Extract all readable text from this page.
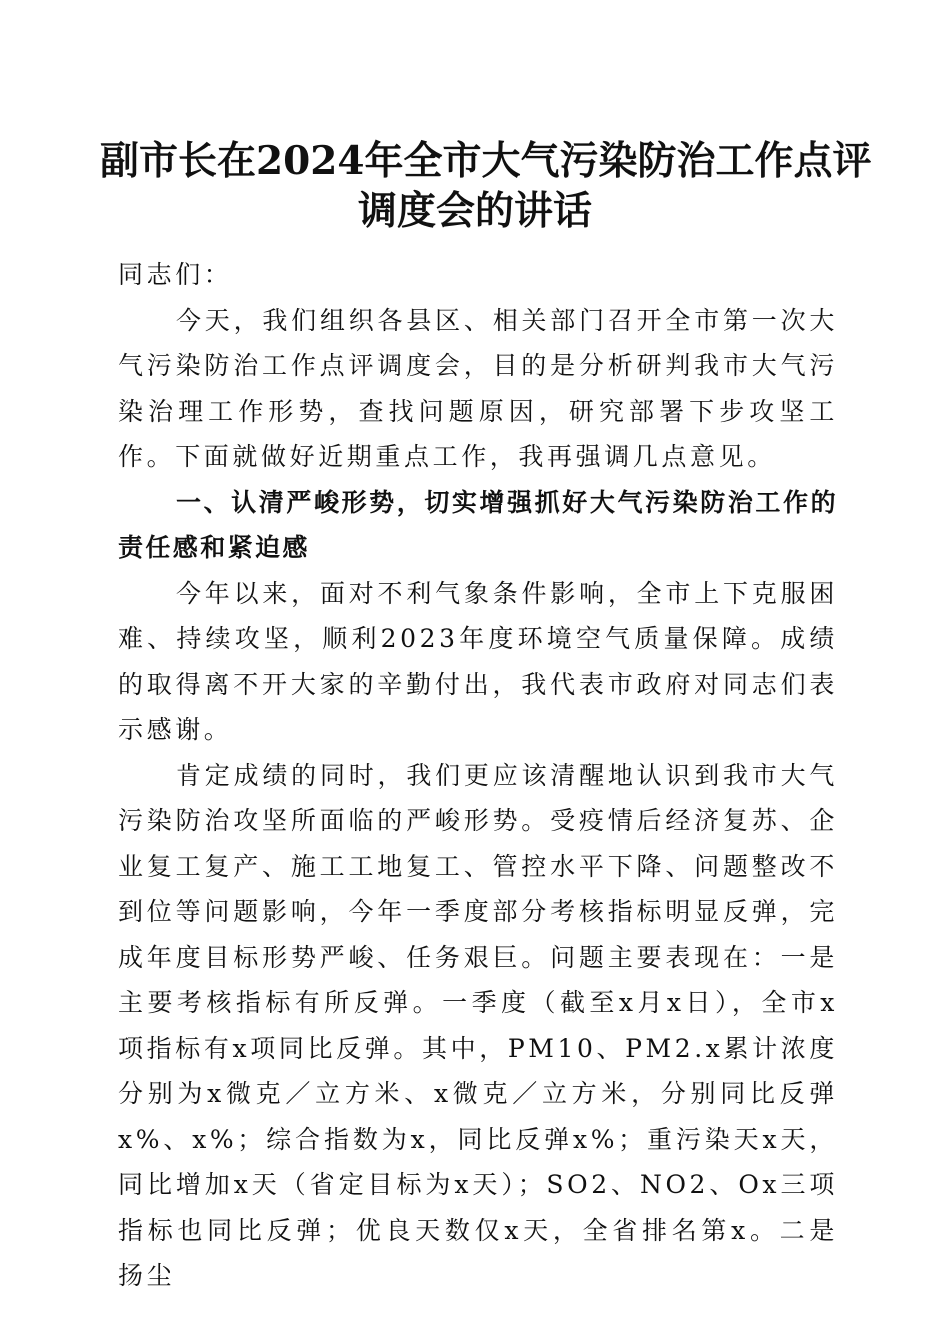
副市长在2024年全市大气污染防治工作点评
调度会的讲话

同志们：

今天，我们组织各县区、相关部门召开全市第一次大气污染防治工作点评调度会，目的是分析研判我市大气污染治理工作形势，查找问题原因，研究部署下步攻坚工作。下面就做好近期重点工作，我再强调几点意见。

一、认清严峻形势，切实增强抓好大气污染防治工作的责任感和紧迫感

今年以来，面对不利气象条件影响，全市上下克服困难、持续攻坚，顺利2023年度环境空气质量保障。成绩的取得离不开大家的辛勤付出，我代表市政府对同志们表示感谢。

肯定成绩的同时，我们更应该清醒地认识到我市大气污染防治攻坚所面临的严峻形势。受疫情后经济复苏、企业复工复产、施工工地复工、管控水平下降、问题整改不到位等问题影响，今年一季度部分考核指标明显反弹，完成年度目标形势严峻、任务艰巨。问题主要表现在：一是主要考核指标有所反弹。一季度（截至x月x日），全市x项指标有x项同比反弹。其中，PM10、PM2.x累计浓度分别为x微克／立方米、x微克／立方米，分别同比反弹x%、x%；综合指数为x，同比反弹x%；重污染天x天，同比增加x天（省定目标为x天）；SO2、NO2、Ox三项指标也同比反弹；优良天数仅x天，全省排名第x。二是扬尘
